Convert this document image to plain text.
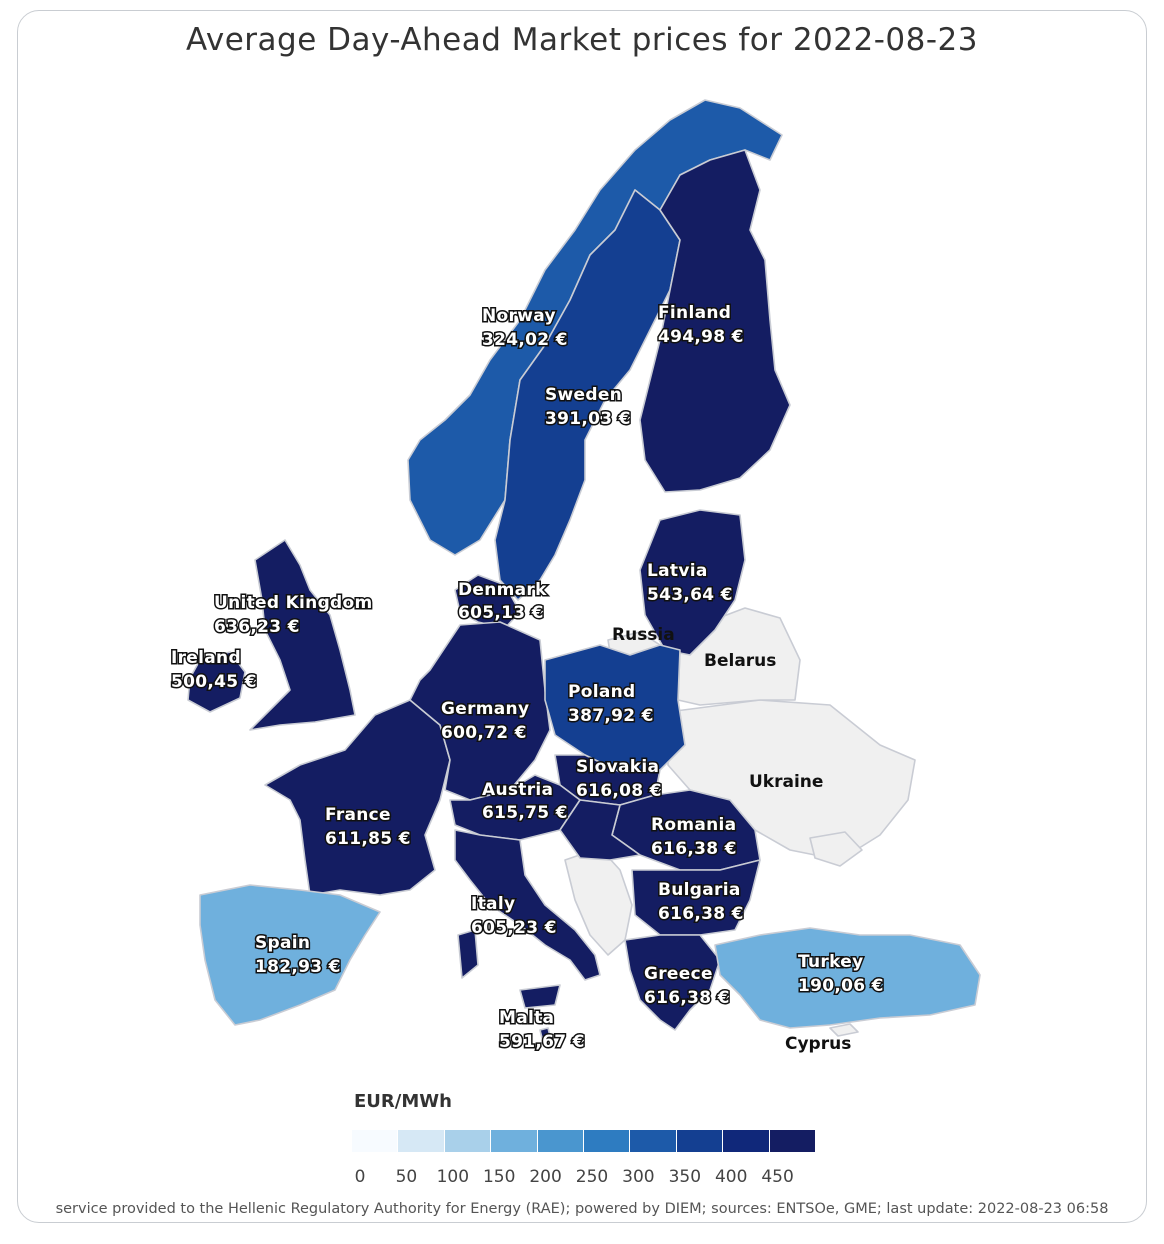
Average Day-Ahead Market prices for 2022-08-23
Norway
324,02 €
Sweden
391,03 €
Finland
494,98 €
Denmark
605,13 €
United Kingdom
636,23 €
Ireland
500,45 €
Latvia
543,64 €
Germany
600,72 €
Poland
387,92 €
Slovakia
616,08 €
Austria
615,75 €
France
611,85 €
Romania
616,38 €
Bulgaria
616,38 €
Italy
605,23 €
Spain
182,93 €	Turkey
190,06 €
Greece
616,38 €
Malta
591,67 €
Russia
Belarus
Ukraine
Cyprus
EUR/MWh
0 50 100 150 200 250 300 350 400 450
service provided to the Hellenic Regulatory Authority for Energy (RAE); powered by DIEM; sources: ENTSOe, GME; last update: 2022-08-23 06:58
